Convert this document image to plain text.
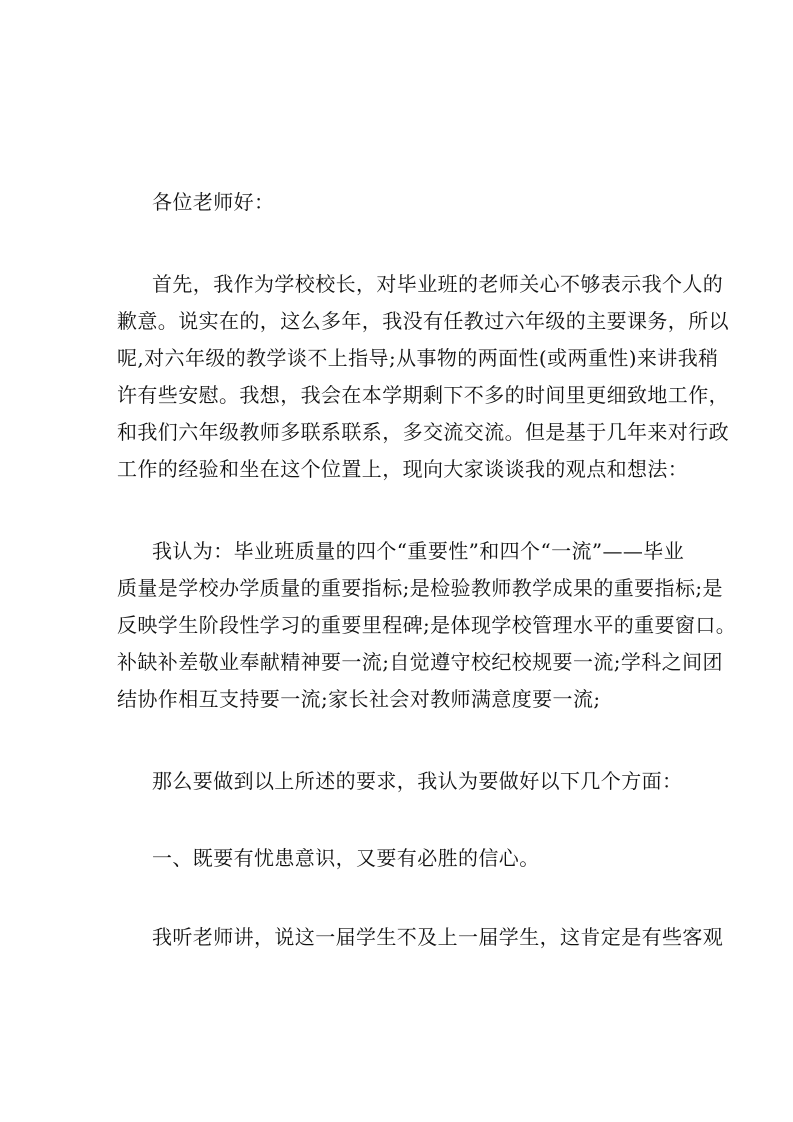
各位老师好：
首先，我作为学校校长，对毕业班的老师关心不够表示我个人的
歉意。说实在的，这么多年，我没有任教过六年级的主要课务，所以
呢,对六年级的教学谈不上指导;从事物的两面性(或两重性)来讲我稍
许有些安慰。我想，我会在本学期剩下不多的时间里更细致地工作，
和我们六年级教师多联系联系，多交流交流。但是基于几年来对行政
工作的经验和坐在这个位置上，现向大家谈谈我的观点和想法：
我认为：毕业班质量的四个“重要性”和四个“一流”——毕业
质量是学校办学质量的重要指标;是检验教师教学成果的重要指标;是
反映学生阶段性学习的重要里程碑;是体现学校管理水平的重要窗口。
补缺补差敬业奉献精神要一流;自觉遵守校纪校规要一流;学科之间团
结协作相互支持要一流;家长社会对教师满意度要一流;
那么要做到以上所述的要求，我认为要做好以下几个方面：
一、既要有忧患意识，又要有必胜的信心。
我听老师讲，说这一届学生不及上一届学生，这肯定是有些客观
